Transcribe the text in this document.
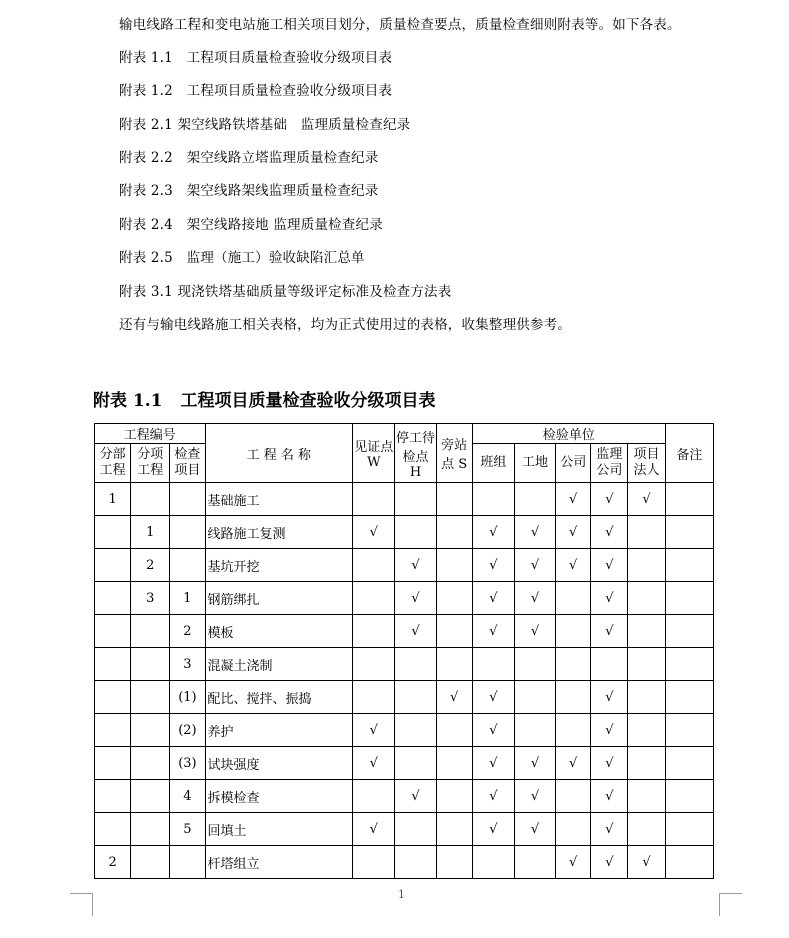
输电线路工程和变电站施工相关项目划分，质量检查要点，质量检查细则附表等。如下各表。
附表 1.1　工程项目质量检查验收分级项目表
附表 1.2　工程项目质量检查验收分级项目表
附表 2.1 架空线路铁塔基础　监理质量检查纪录
附表 2.2　架空线路立塔监理质量检查纪录
附表 2.3　架空线路架线监理质量检查纪录
附表 2.4　架空线路接地 监理质量检查纪录
附表 2.5　监理（施工）验收缺陷汇总单
附表 3.1 现浇铁塔基础质量等级评定标准及检查方法表
还有与输电线路施工相关表格，均为正式使用过的表格，收集整理供参考。
附表 1.1 工程项目质量检查验收分级项目表
工程编号			工 程 名 称	见证点 W	停工待检点 H	旁站点 S	检验单位					备注
分部工程	分项工程	检查项目					班组	工地	公司	监理公司	项目法人	
1			基础施工						√	√	√	
	1		线路施工复测	√			√	√	√	√		
	2		基坑开挖		√		√	√	√	√		
	3	1	钢筋绑扎		√		√	√		√		
		2	模板		√		√	√		√		
		3	混凝土浇制									
		(1)	配比、搅拌、振捣			√	√			√		
		(2)	养护	√			√			√		
		(3)	试块强度	√			√	√	√	√		
		4	拆模检查		√		√	√		√		
		5	回填土	√			√	√		√		
2			杆塔组立						√	√	√	
1
